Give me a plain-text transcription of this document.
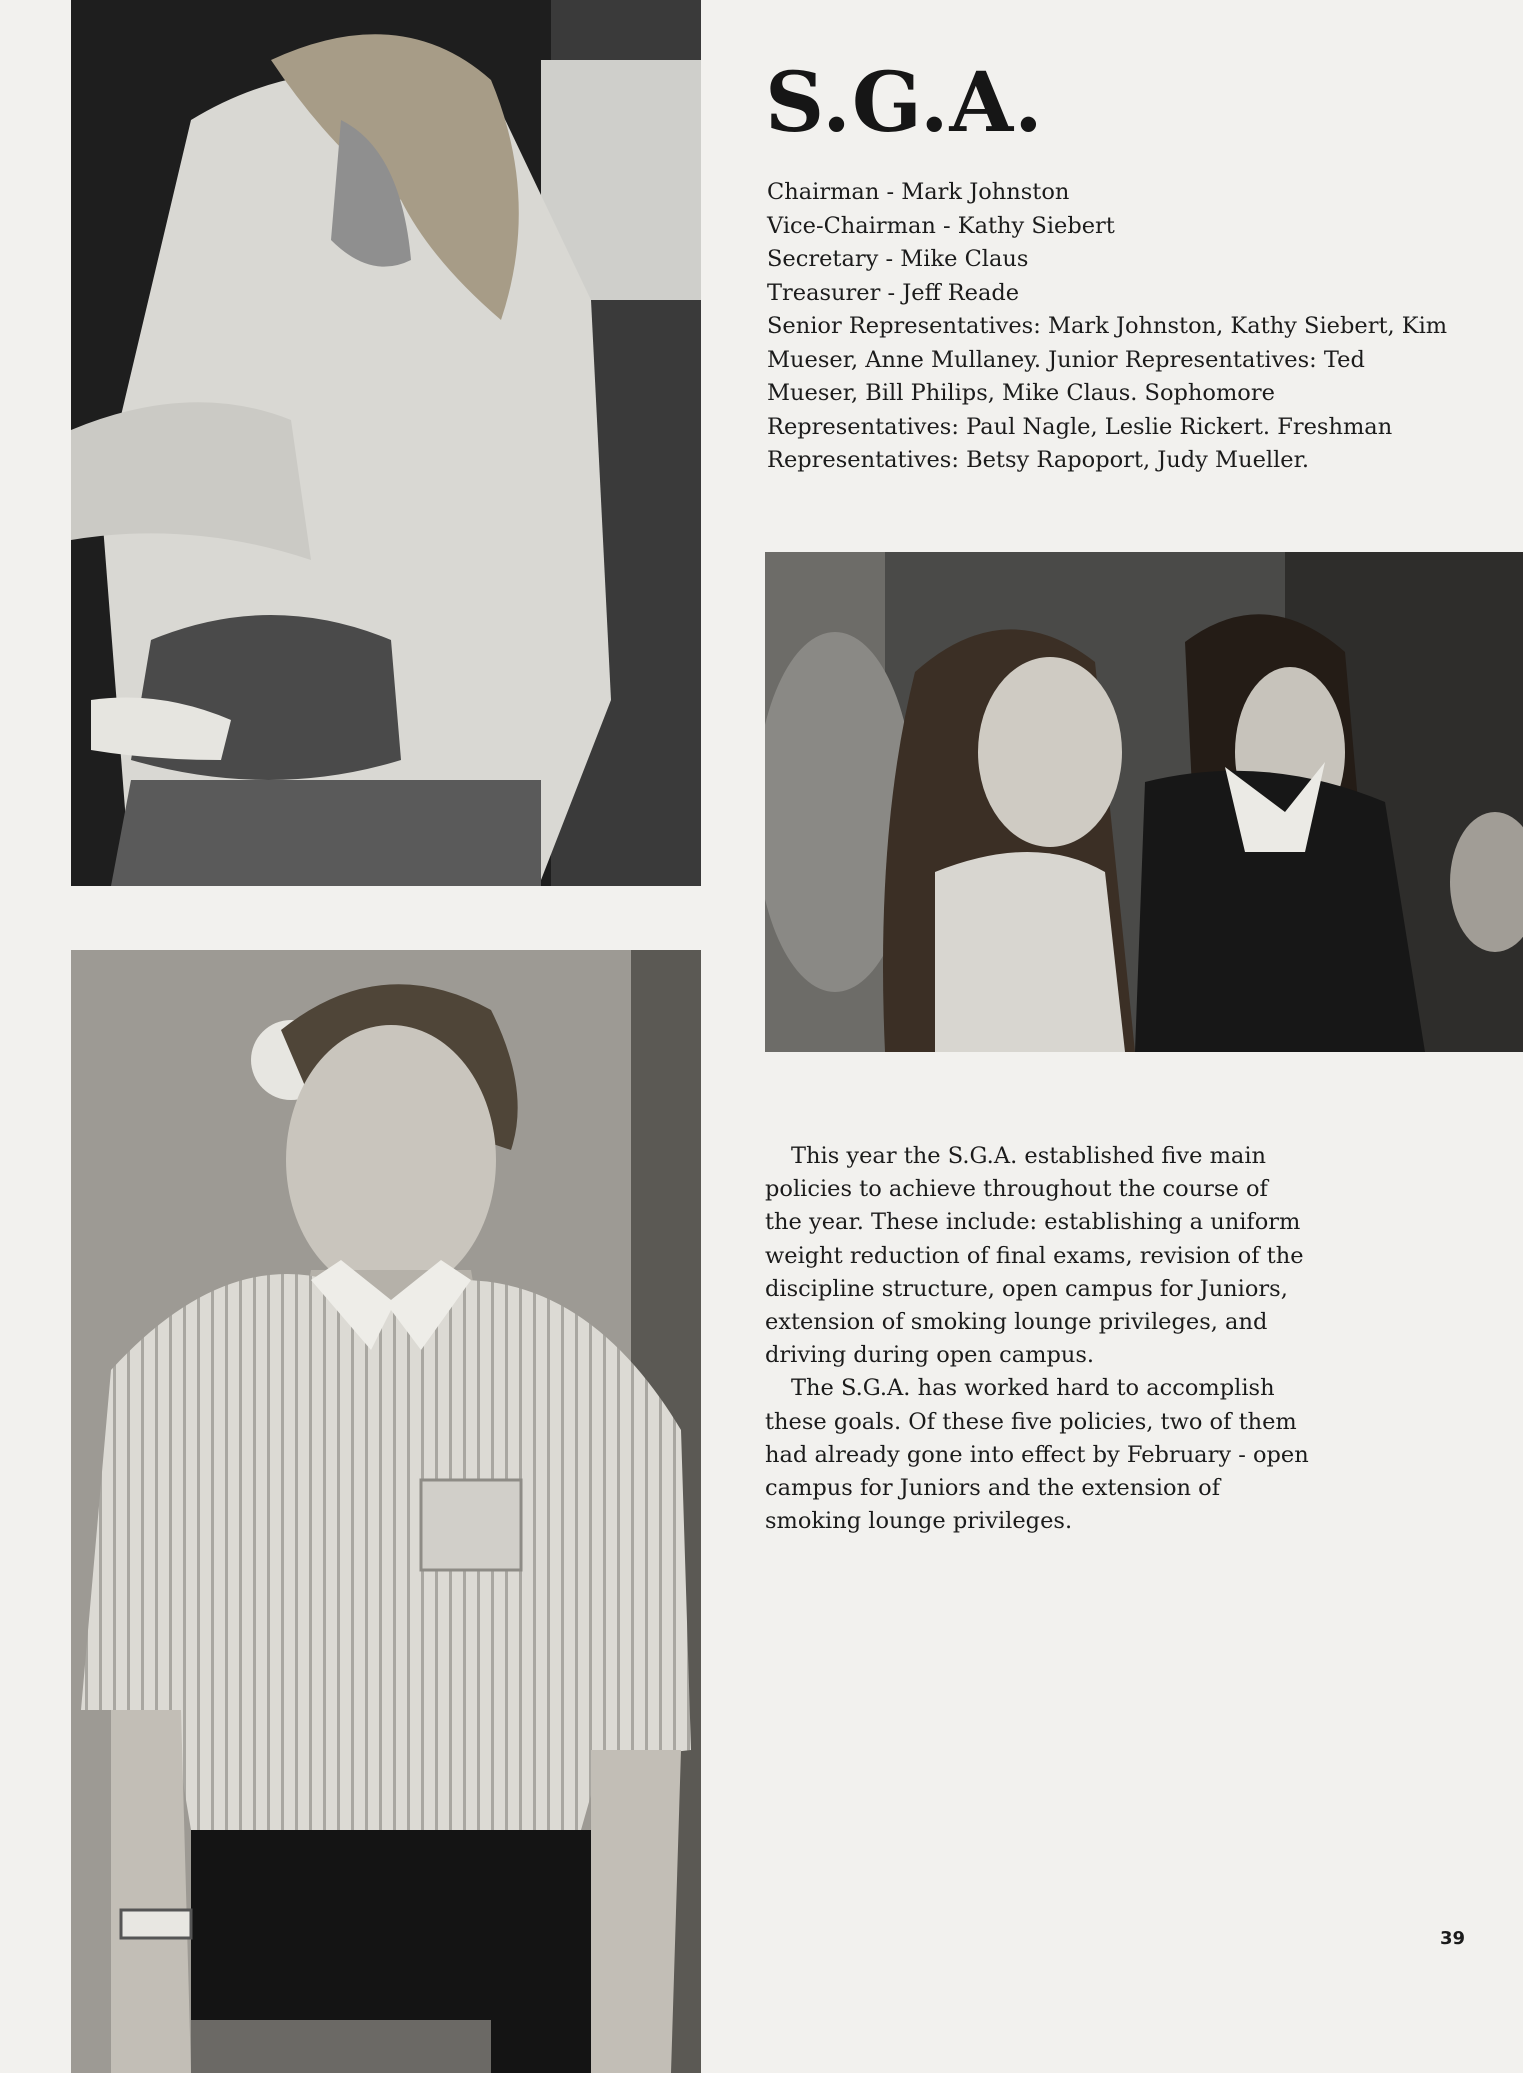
S.G.A.
Chairman - Mark Johnston
Vice-Chairman - Kathy Siebert
Secretary - Mike Claus
Treasurer - Jeff Reade
Senior Representatives: Mark Johnston, Kathy Siebert, Kim Mueser, Anne Mullaney. Junior Representatives: Ted Mueser, Bill Philips, Mike Claus. Sophomore Representatives: Paul Nagle, Leslie Rickert. Freshman Representatives: Betsy Rapoport, Judy Mueller.

This year the S.G.A. established five main policies to achieve throughout the course of the year. These include: establishing a uniform weight reduction of final exams, revision of the discipline structure, open campus for Juniors, extension of smoking lounge privileges, and driving during open campus.

The S.G.A. has worked hard to accomplish these goals. Of these five policies, two of them had already gone into effect by February - open campus for Juniors and the extension of smoking lounge privileges.

39
